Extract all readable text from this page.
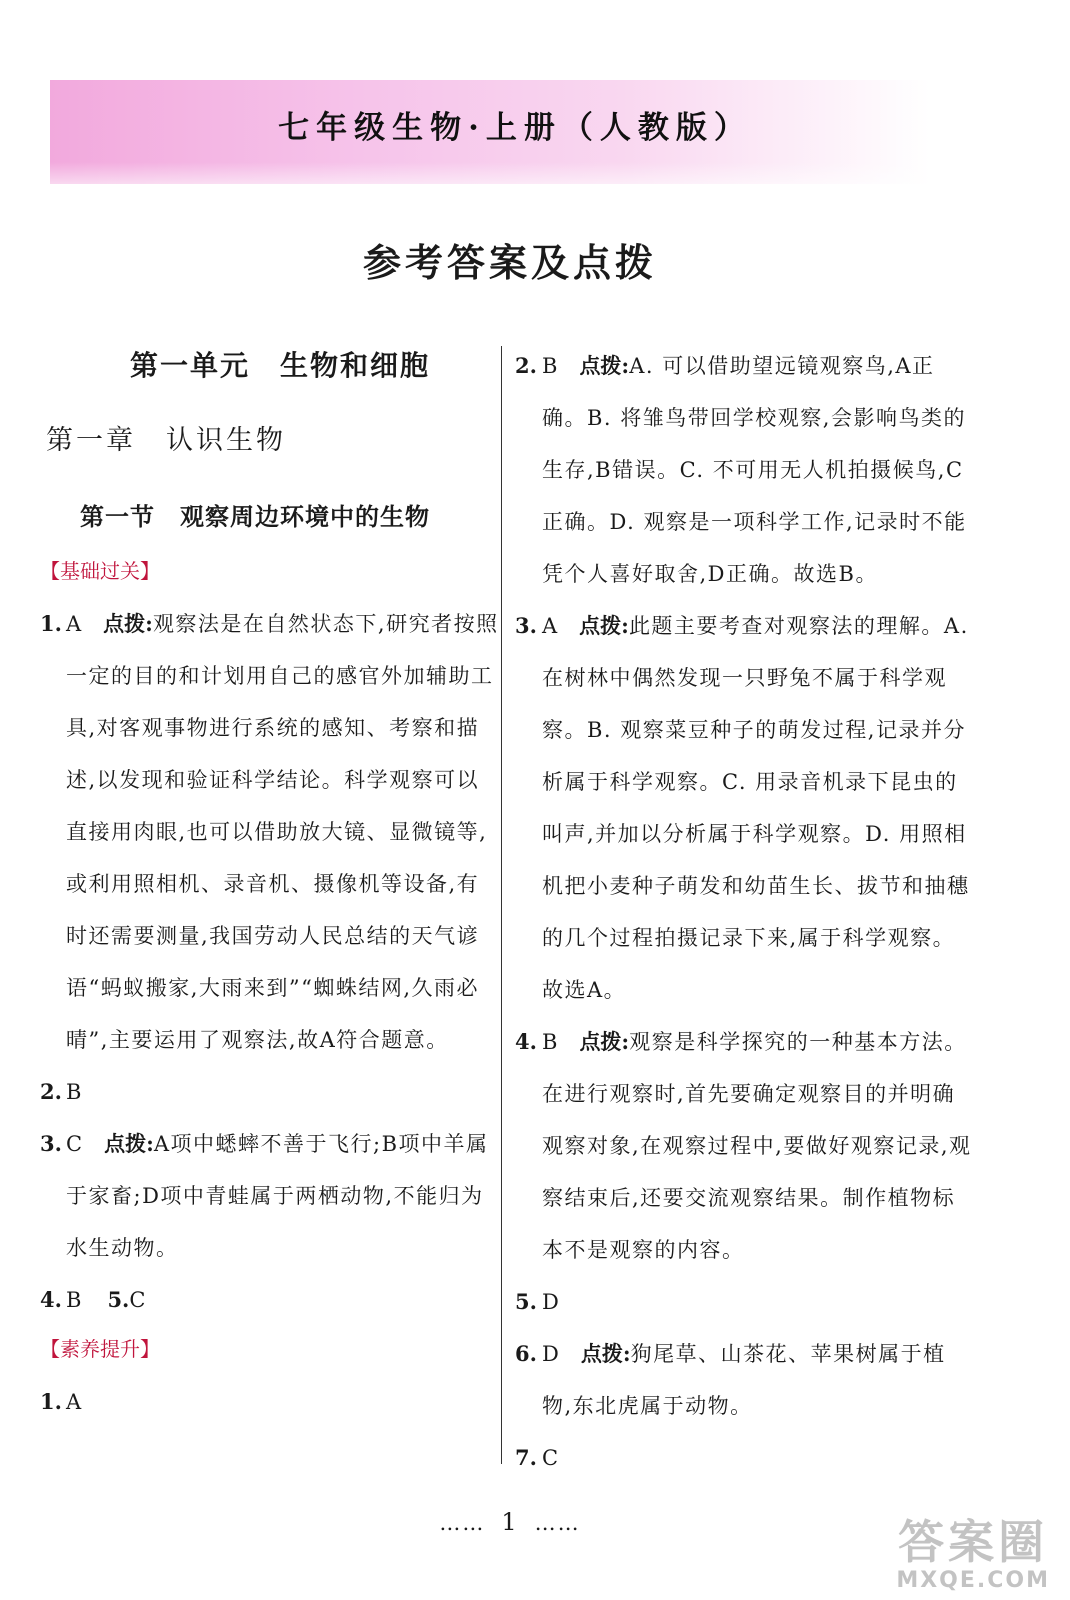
七年级生物·上册（人教版）
参考答案及点拨
第一单元　生物和细胞
第一章　认识生物
第一节　观察周边环境中的生物
【基础过关】
1. A 点拨:观察法是在自然状态下,研究者按照一定的目的和计划用自己的感官外加辅助工具,对客观事物进行系统的感知、考察和描述,以发现和验证科学结论。科学观察可以直接用肉眼,也可以借助放大镜、显微镜等,或利用照相机、录音机、摄像机等设备,有时还需要测量,我国劳动人民总结的天气谚语“蚂蚁搬家,大雨来到”“蜘蛛结网,久雨必晴”,主要运用了观察法,故A符合题意。
2. B
3. C 点拨:A项中蟋蟀不善于飞行;B项中羊属于家畜;D项中青蛙属于两栖动物,不能归为水生动物。
4. B 5.C
【素养提升】
1. A
2. B 点拨:A. 可以借助望远镜观察鸟,A正确。B. 将雏鸟带回学校观察,会影响鸟类的生存,B错误。C. 不可用无人机拍摄候鸟,C正确。D. 观察是一项科学工作,记录时不能凭个人喜好取舍,D正确。故选B。
3. A 点拨:此题主要考查对观察法的理解。A. 在树林中偶然发现一只野兔不属于科学观察。B. 观察菜豆种子的萌发过程,记录并分析属于科学观察。C. 用录音机录下昆虫的叫声,并加以分析属于科学观察。D. 用照相机把小麦种子萌发和幼苗生长、拔节和抽穗的几个过程拍摄记录下来,属于科学观察。故选A。
4. B 点拨:观察是科学探究的一种基本方法。在进行观察时,首先要确定观察目的并明确观察对象,在观察过程中,要做好观察记录,观察结束后,还要交流观察结果。制作植物标本不是观察的内容。
5. D
6. D 点拨:狗尾草、山茶花、苹果树属于植物,东北虎属于动物。
7. C
…… 1 ……	答案圈
MXQE.COM
